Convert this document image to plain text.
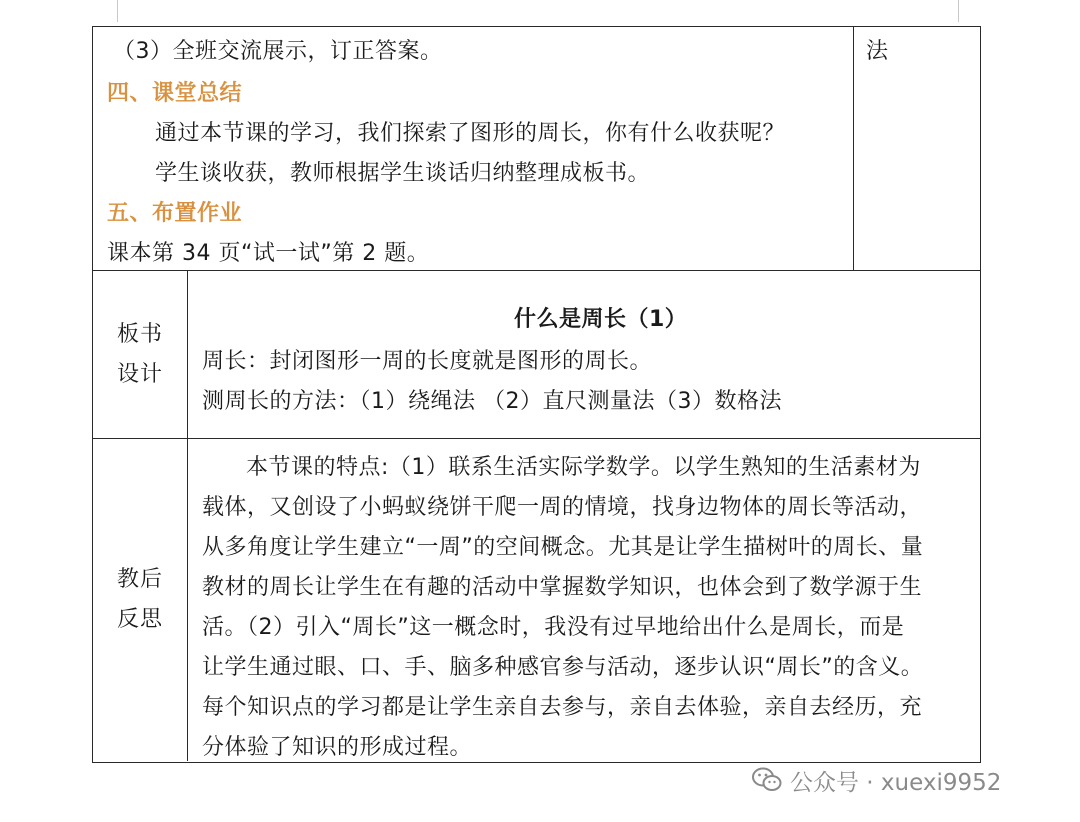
（3）全班交流展示，订正答案。
四、课堂总结
通过本节课的学习，我们探索了图形的周长，你有什么收获呢？
学生谈收获，教师根据学生谈话归纳整理成板书。
五、布置作业
课本第 34 页“试一试”第 2 题。
法
板书
设计
什么是周长（1）
周长：封闭图形一周的长度就是图形的周长。
测周长的方法：（1）绕绳法 （2）直尺测量法（3）数格法
教后
反思
本节课的特点:（1）联系生活实际学数学。以学生熟知的生活素材为
载体，又创设了小蚂蚁绕饼干爬一周的情境，找身边物体的周长等活动，
从多角度让学生建立“一周”的空间概念。尤其是让学生描树叶的周长、量
教材的周长让学生在有趣的活动中掌握数学知识，也体会到了数学源于生
活。（2）引入“周长”这一概念时，我没有过早地给出什么是周长，而是
让学生通过眼、口、手、脑多种感官参与活动，逐步认识“周长”的含义。
每个知识点的学习都是让学生亲自去参与，亲自去体验，亲自去经历，充
分体验了知识的形成过程。
公众号 · xuexi9952
